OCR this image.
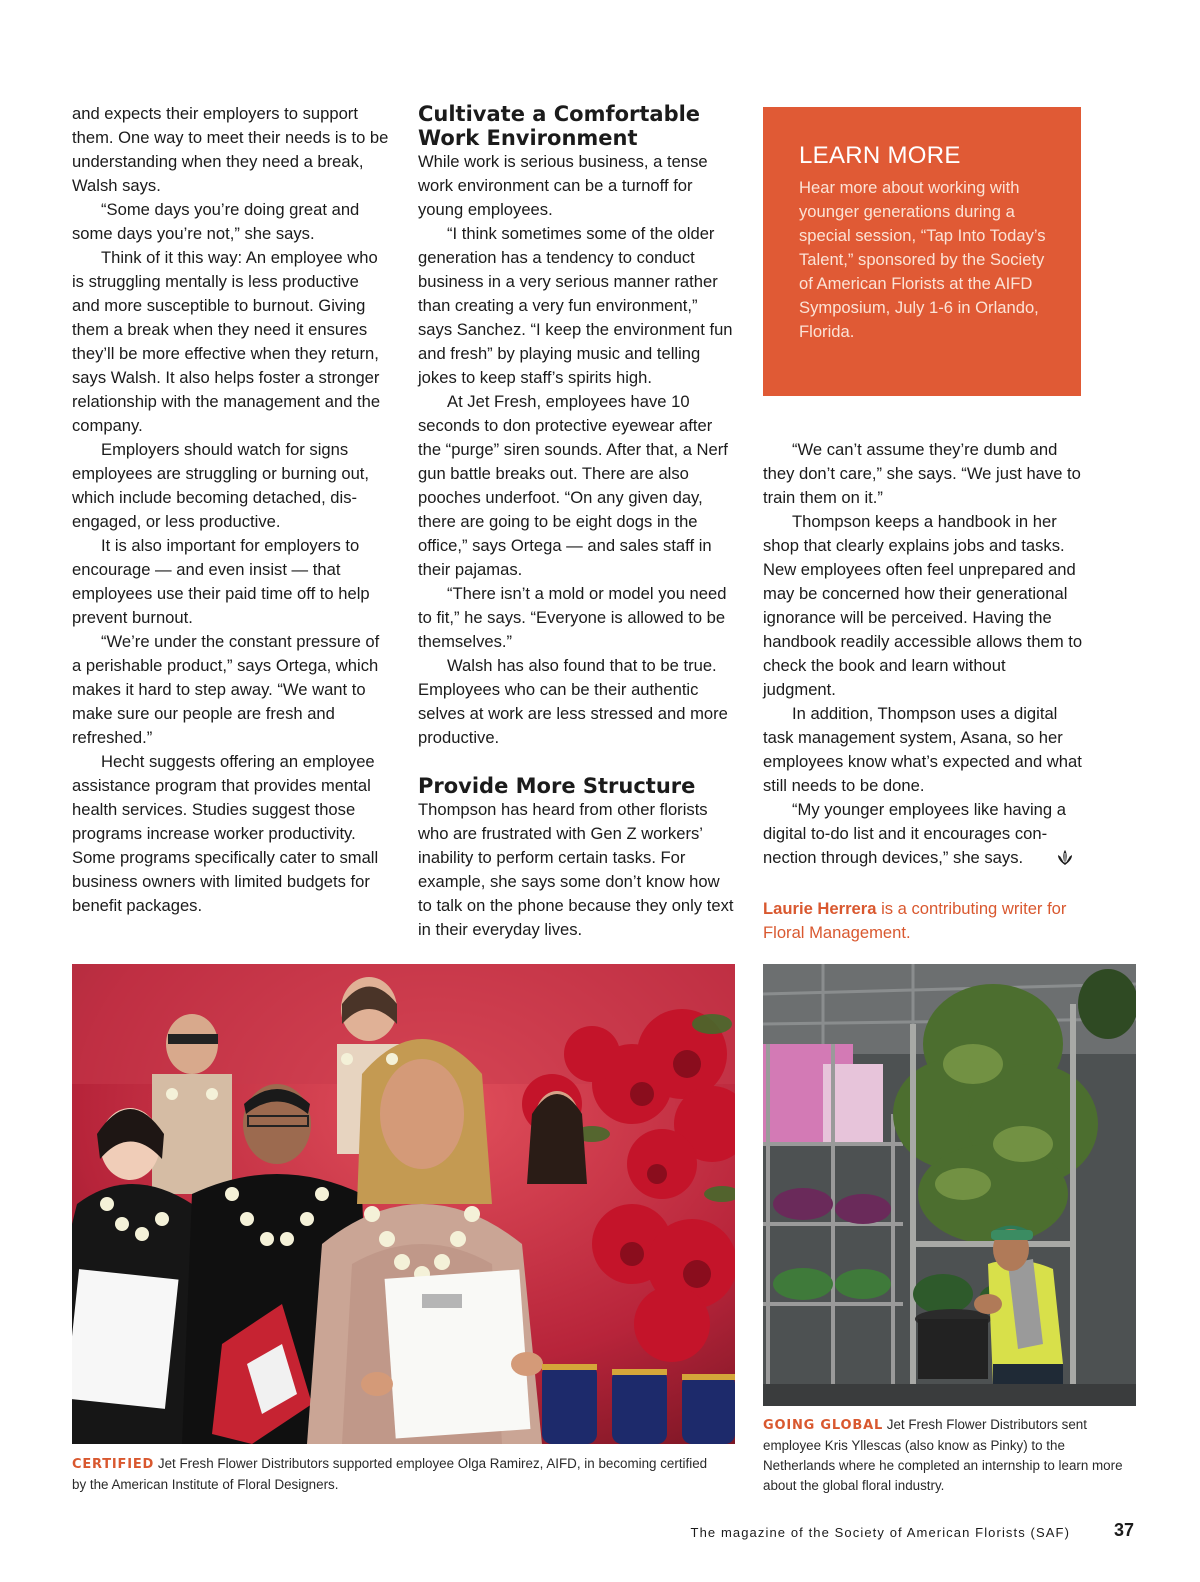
and expects their employers to support them. One way to meet their needs is to be understanding when they need a break, Walsh says.

“Some days you’re doing great and some days you’re not,” she says.

Think of it this way: An employee who is struggling mentally is less productive and more susceptible to burnout. Giving them a break when they need it ensures they’ll be more effective when they return, says Walsh. It also helps foster a stronger relationship with the management and the company.

Employers should watch for signs employees are struggling or burning out, which include becoming detached, disengaged, or less productive.

It is also important for employers to encourage — and even insist — that employees use their paid time off to help prevent burnout.

“We’re under the constant pressure of a perishable product,” says Ortega, which makes it hard to step away. “We want to make sure our people are fresh and refreshed.”

Hecht suggests offering an employee assistance program that provides mental health services. Studies suggest those programs increase worker productivity. Some programs specifically cater to small business owners with limited budgets for benefit packages.

Cultivate a Comfortable Work Environment

While work is serious business, a tense work environment can be a turnoff for young employees.

“I think sometimes some of the older generation has a tendency to conduct business in a very serious manner rather than creating a very fun environment,” says Sanchez. “I keep the environment fun and fresh” by playing music and telling jokes to keep staff’s spirits high.

At Jet Fresh, employees have 10 seconds to don protective eyewear after the “purge” siren sounds. After that, a Nerf gun battle breaks out. There are also pooches underfoot. “On any given day, there are going to be eight dogs in the office,” says Ortega — and sales staff in their pajamas.

“There isn’t a mold or model you need to fit,” he says. “Everyone is allowed to be themselves.”

Walsh has also found that to be true. Employees who can be their authentic selves at work are less stressed and more productive.

Provide More Structure

Thompson has heard from other florists who are frustrated with Gen Z workers’ inability to perform certain tasks. For example, she says some don’t know how to talk on the phone because they only text in their everyday lives.

LEARN MORE
Hear more about working with younger generations during a special session, “Tap Into Today’s Talent,” sponsored by the Society of American Florists at the AIFD Symposium, July 1-6 in Orlando, Florida.

“We can’t assume they’re dumb and they don’t care,” she says. “We just have to train them on it.”

Thompson keeps a handbook in her shop that clearly explains jobs and tasks. New employees often feel unprepared and may be concerned how their generational ignorance will be perceived. Having the handbook readily accessible allows them to check the book and learn without judgment.

In addition, Thompson uses a digital task management system, Asana, so her employees know what’s expected and what still needs to be done.

“My younger employees like having a digital to-do list and it encourages connection through devices,” she says.

Laurie Herrera is a contributing writer for Floral Management.

CERTIFIED Jet Fresh Flower Distributors supported employee Olga Ramirez, AIFD, in becoming certified by the American Institute of Floral Designers.
GOING GLOBAL Jet Fresh Flower Distributors sent employee Kris Yllescas (also know as Pinky) to the Netherlands where he completed an internship to learn more about the global floral industry.
The magazine of the Society of American Florists (SAF) 37
